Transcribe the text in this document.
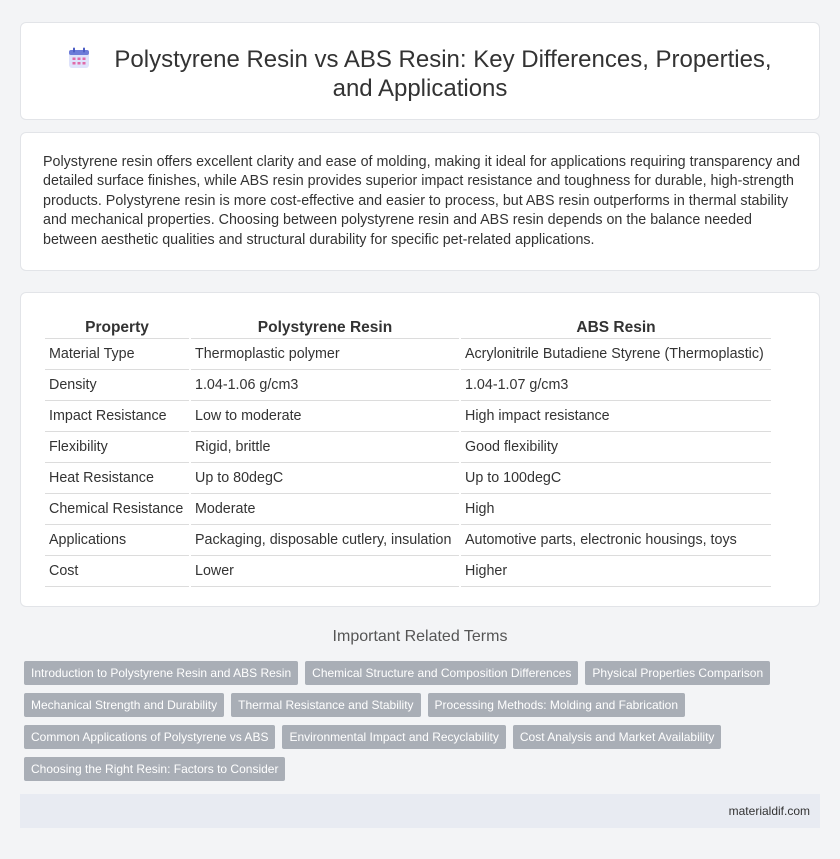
Polystyrene Resin vs ABS Resin: Key Differences, Properties, and Applications

Polystyrene resin offers excellent clarity and ease of molding, making it ideal for applications requiring transparency and detailed surface finishes, while ABS resin provides superior impact resistance and toughness for durable, high-strength products. Polystyrene resin is more cost-effective and easier to process, but ABS resin outperforms in thermal stability and mechanical properties. Choosing between polystyrene resin and ABS resin depends on the balance needed between aesthetic qualities and structural durability for specific pet-related applications.

Property	Polystyrene Resin	ABS Resin
Material Type	Thermoplastic polymer	Acrylonitrile Butadiene Styrene (Thermoplastic)
Density	1.04-1.06 g/cm3	1.04-1.07 g/cm3
Impact Resistance	Low to moderate	High impact resistance
Flexibility	Rigid, brittle	Good flexibility
Heat Resistance	Up to 80degC	Up to 100degC
Chemical Resistance	Moderate	High
Applications	Packaging, disposable cutlery, insulation	Automotive parts, electronic housings, toys
Cost	Lower	Higher
Important Related Terms
Introduction to Polystyrene Resin and ABS Resin	Chemical Structure and Composition Differences	Physical Properties Comparison
Mechanical Strength and Durability	Thermal Resistance and Stability	Processing Methods: Molding and Fabrication
Common Applications of Polystyrene vs ABS	Environmental Impact and Recyclability	Cost Analysis and Market Availability
Choosing the Right Resin: Factors to Consider
materialdif.com
